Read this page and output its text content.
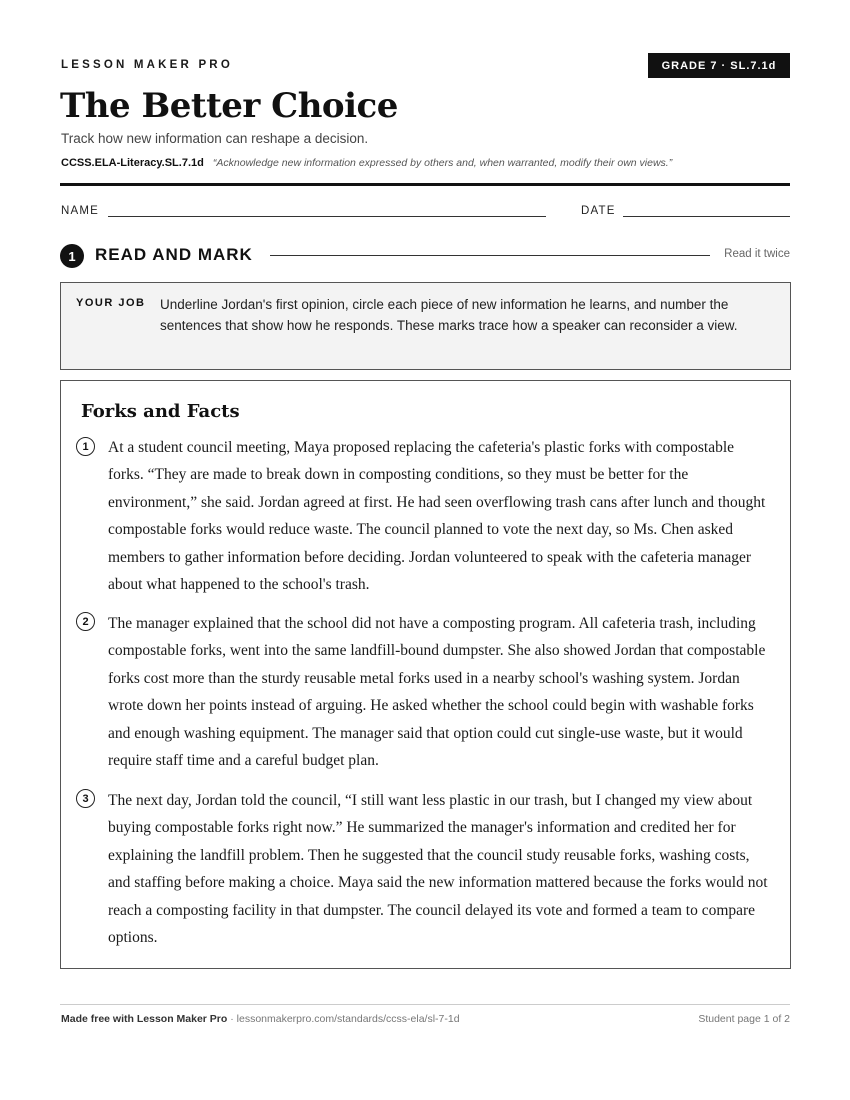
LESSON MAKER PRO	GRADE 7 · SL.7.1d
The Better Choice
Track how new information can reshape a decision.
CCSS.ELA-Literacy.SL.7.1d “Acknowledge new information expressed by others and, when warranted, modify their own views.”
NAME	DATE
1	READ AND MARK	Read it twice
YOUR JOB Underline Jordan's first opinion, circle each piece of new information he learns, and number the sentences that show how he responds. These marks trace how a speaker can reconsider a view.
Forks and Facts
1	At a student council meeting, Maya proposed replacing the cafeteria's plastic forks with compostable forks. “They are made to break down in composting conditions, so they must be better for the environment,” she said. Jordan agreed at first. He had seen overflowing trash cans after lunch and thought compostable forks would reduce waste. The council planned to vote the next day, so Ms. Chen asked members to gather information before deciding. Jordan volunteered to speak with the cafeteria manager about what happened to the school's trash.

2	The manager explained that the school did not have a composting program. All cafeteria trash, including compostable forks, went into the same landfill-bound dumpster. She also showed Jordan that compostable forks cost more than the sturdy reusable metal forks used in a nearby school's washing system. Jordan wrote down her points instead of arguing. He asked whether the school could begin with washable forks and enough washing equipment. The manager said that option could cut single-use waste, but it would require staff time and a careful budget plan.

3	The next day, Jordan told the council, “I still want less plastic in our trash, but I changed my view about buying compostable forks right now.” He summarized the manager's information and credited her for explaining the landfill problem. Then he suggested that the council study reusable forks, washing costs, and staffing before making a choice. Maya said the new information mattered because the forks would not reach a composting facility in that dumpster. The council delayed its vote and formed a team to compare options.

Made free with Lesson Maker Pro · lessonmakerpro.com/standards/ccss-ela/sl-7-1d	Student page 1 of 2
